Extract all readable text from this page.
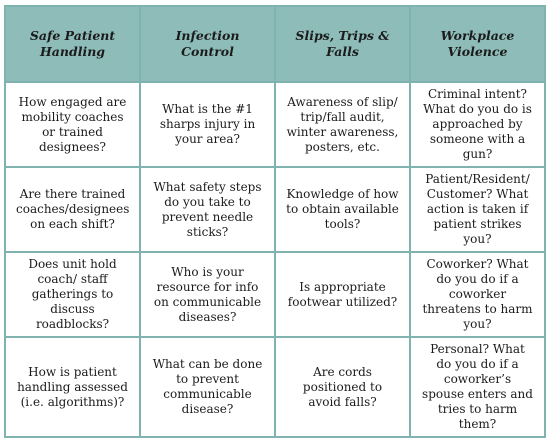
Safe Patient Handling	Infection Control	Slips, Trips & Falls	Workplace Violence
How engaged are mobility coaches or trained designees?	What is the #1 sharps injury in your area?	Awareness of slip/ trip/fall audit, winter awareness, posters, etc.	Criminal intent? What do you do is approached by someone with a gun?
Are there trained coaches/designees on each shift?	What safety steps do you take to prevent needle sticks?	Knowledge of how to obtain available tools?	Patient/Resident/ Customer? What action is taken if patient strikes you?
Does unit hold coach/ staff gatherings to discuss roadblocks?	Who is your resource for info on communicable diseases?	Is appropriate footwear utilized?	Coworker? What do you do if a coworker threatens to harm you?
How is patient handling assessed (i.e. algorithms)?	What can be done to prevent communicable disease?	Are cords positioned to avoid falls?	Personal? What do you do if a coworker’s spouse enters and tries to harm them?
